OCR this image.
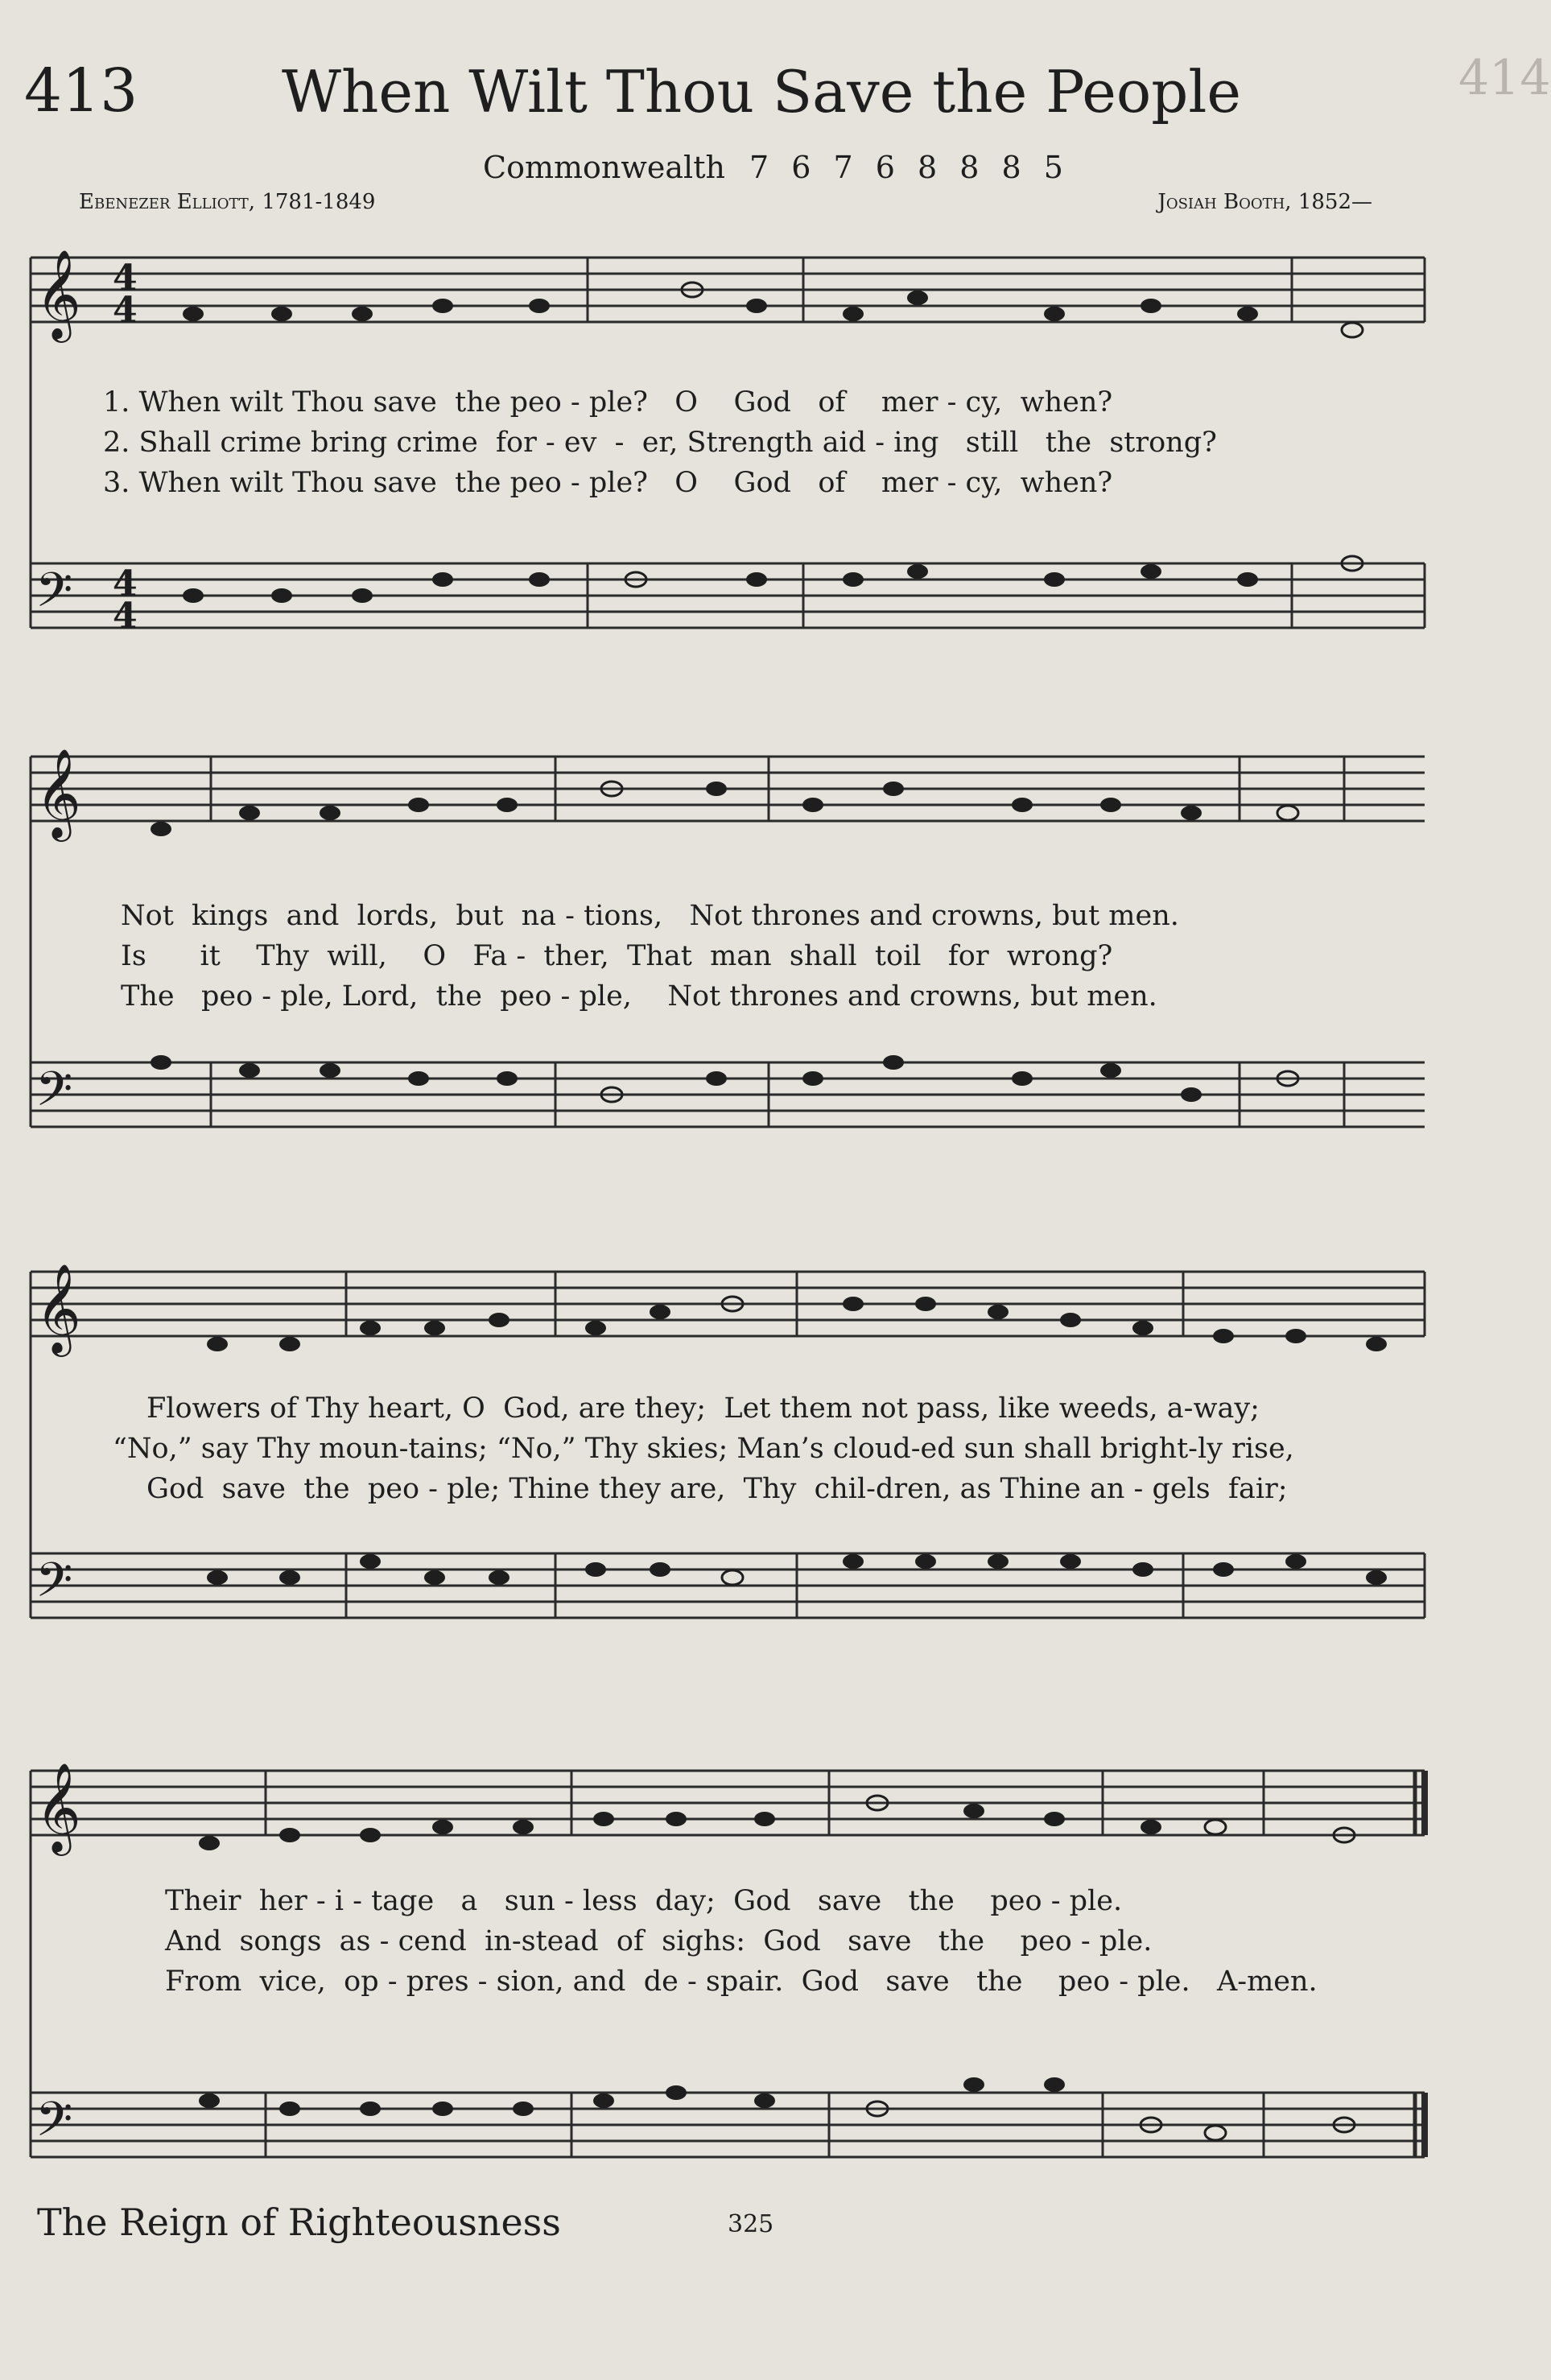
413 When Wilt Thou Save the People
Commonwealth 7 6 7 6 8 8 8 5
Ebenezer Elliott, 1781-1849	Josiah Booth, 1852—
414
𝄞 4
4
𝄢 4
4
1. When wilt Thou save  the peo - ple?   O    God   of    mer - cy,  when?
2. Shall crime bring crime  for - ev  -  er, Strength aid - ing   still   the  strong?
3. When wilt Thou save  the peo - ple?   O    God   of    mer - cy,  when?
𝄞
𝄢
Not  kings  and  lords,  but  na - tions,   Not thrones and crowns, but men.
Is      it    Thy  will,    O   Fa -  ther,  That  man  shall  toil   for  wrong?
The   peo - ple, Lord,  the  peo - ple,    Not thrones and crowns, but men.
𝄞
𝄢
Flowers of Thy heart, O  God, are they;  Let them not pass, like weeds, a-way;
“No,” say Thy moun-tains; “No,” Thy skies; Man’s cloud-ed sun shall bright-ly rise,
God  save  the  peo - ple; Thine they are,  Thy  chil-dren, as Thine an - gels  fair;
𝄞
𝄢
Their  her - i - tage   a   sun - less  day;  God   save   the    peo - ple.
And  songs  as - cend  in-stead  of  sighs:  God   save   the    peo - ple.
From  vice,  op - pres - sion, and  de - spair.  God   save   the    peo - ple.   A-men.
The Reign of Righteousness	325
